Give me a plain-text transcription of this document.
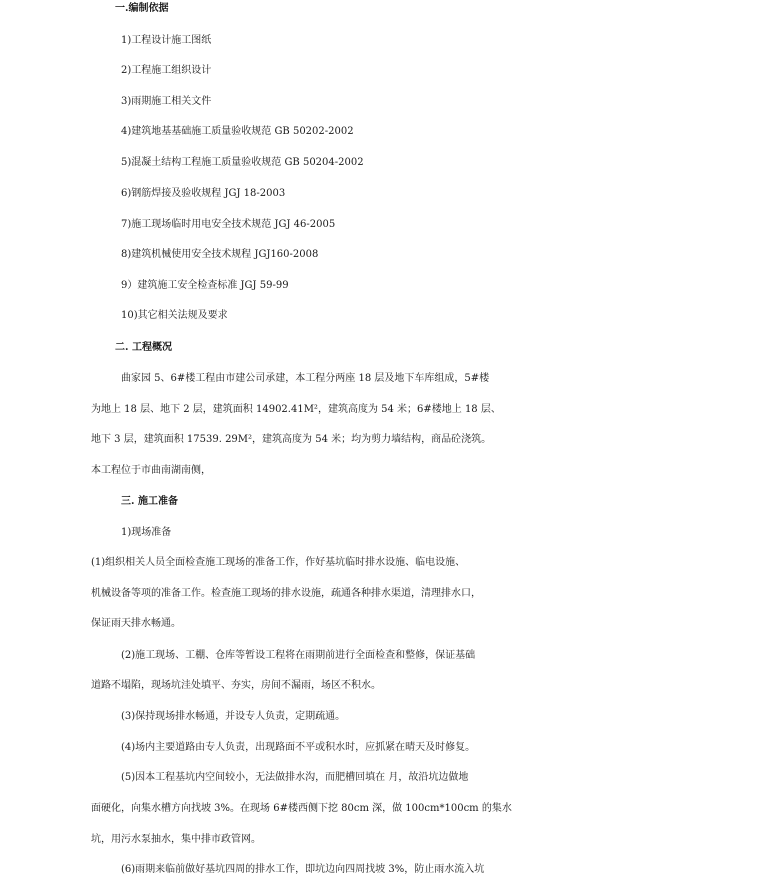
一.编制依据
1)工程设计施工图纸
2)工程施工组织设计
3)雨期施工相关文件
4)建筑地基基础施工质量验收规范 GB 50202-2002
5)混凝土结构工程施工质量验收规范 GB 50204-2002
6)钢筋焊接及验收规程 JGJ 18-2003
7)施工现场临时用电安全技术规范 JGJ 46-2005
8)建筑机械使用安全技术规程 JGJ160-2008
9）建筑施工安全检查标准 JGJ 59-99
10)其它相关法规及要求
二. 工程概况
曲家园 5、6#楼工程由市建公司承建，本工程分两座 18 层及地下车库组成，5#楼
为地上 18 层、地下 2 层，建筑面积 14902.41M²，建筑高度为 54 米；6#楼地上 18 层、
地下 3 层，建筑面积 17539. 29M²，建筑高度为 54 米；均为剪力墙结构，商品砼浇筑。
本工程位于市曲南湖南侧，
三. 施工准备
1)现场准备
(1)组织相关人员全面检查施工现场的准备工作，作好基坑临时排水设施、临电设施、
机械设备等项的准备工作。检查施工现场的排水设施，疏通各种排水渠道，清理排水口，
保证雨天排水畅通。
(2)施工现场、工棚、仓库等暂设工程将在雨期前进行全面检查和整修，保证基础
道路不塌陷，现场坑洼处填平、夯实，房间不漏雨，场区不积水。
(3)保持现场排水畅通，并设专人负责，定期疏通。
(4)场内主要道路由专人负责，出现路面不平或积水时，应抓紧在晴天及时修复。
(5)因本工程基坑内空间较小，无法做排水沟，而肥槽回填在 月，故沿坑边做地
面硬化，向集水槽方向找坡 3%。在现场 6#楼西侧下挖 80cm 深，做 100cm*100cm 的集水
坑，用污水泵抽水，集中排市政管网。
(6)雨期来临前做好基坑四周的排水工作，即坑边向四周找坡 3%，防止雨水流入坑
